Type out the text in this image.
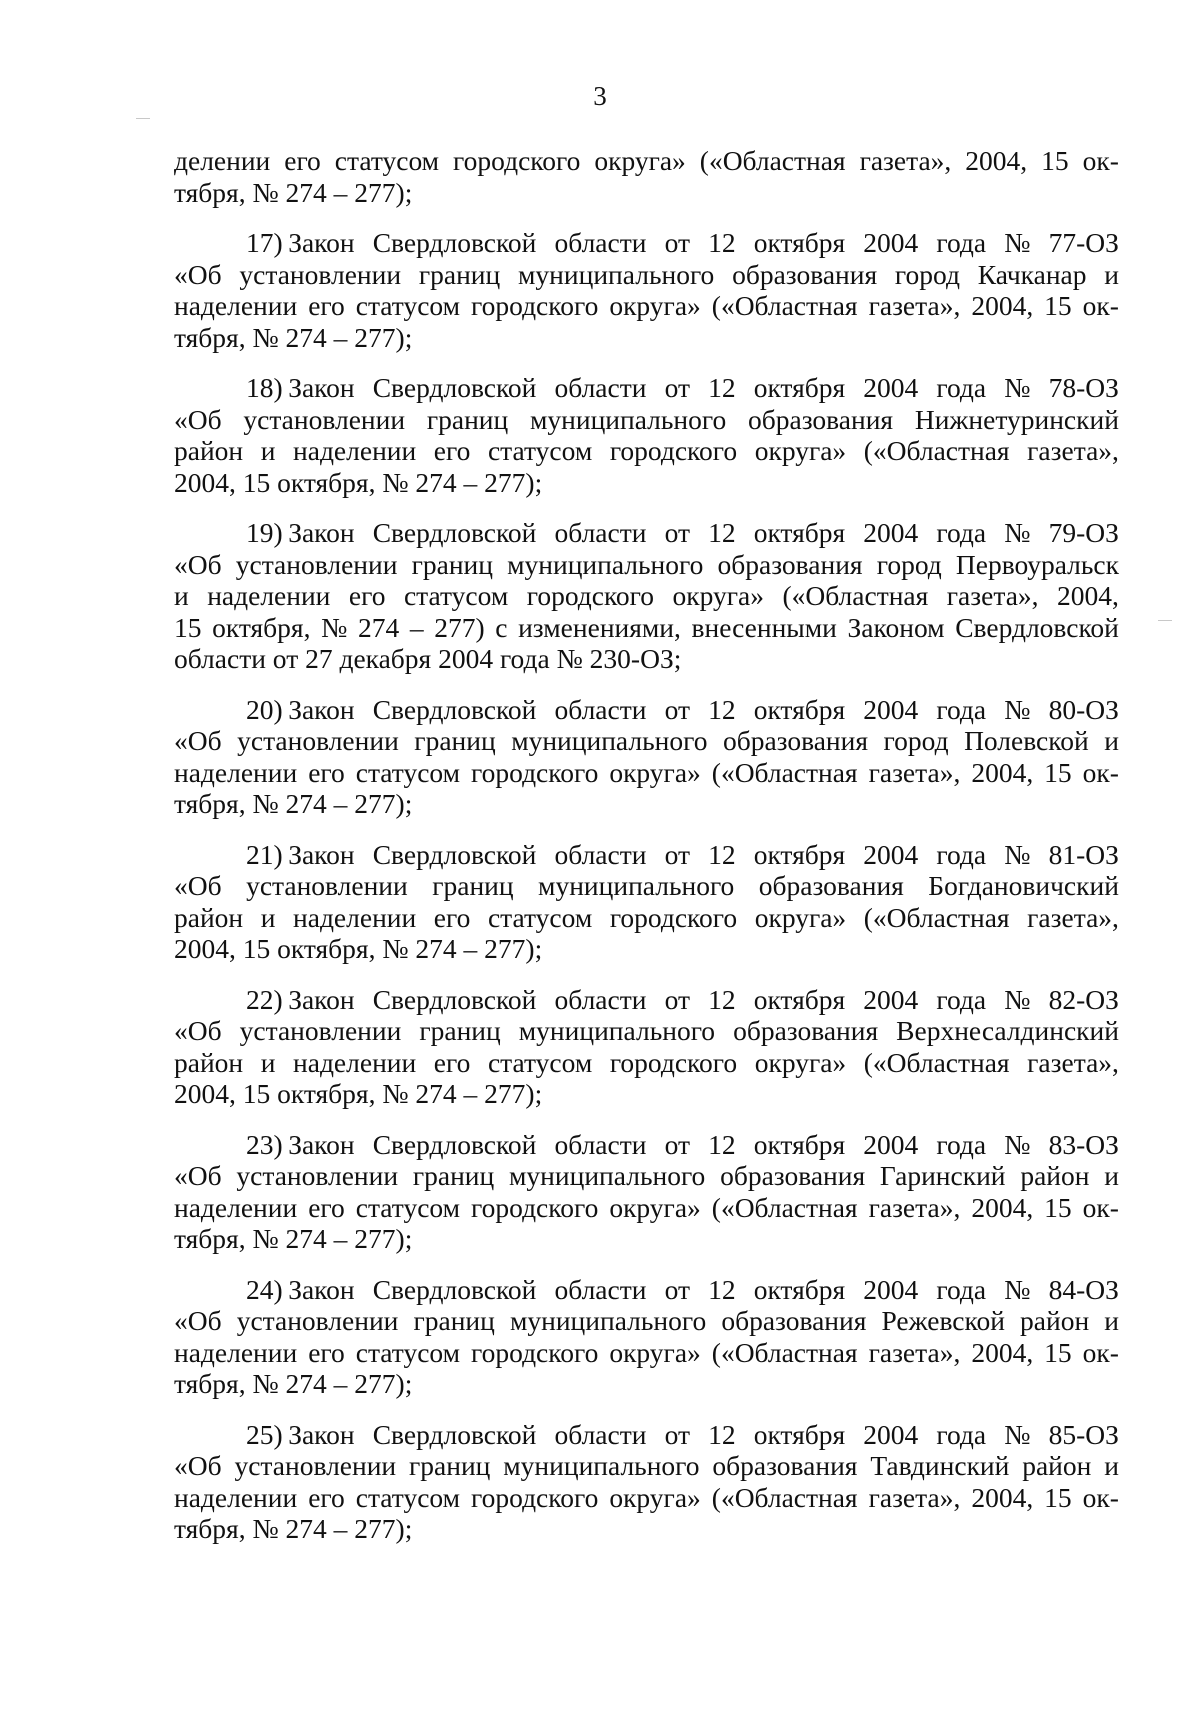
3

делении его статусом городского округа» («Областная газета», 2004, 15 ок-
тября, № 274 – 277);

17)  Закон Свердловской области от 12 октября 2004 года № 77-ОЗ
«Об установлении границ муниципального образования город Качканар и
наделении его статусом городского округа» («Областная газета», 2004, 15 ок-
тября, № 274 – 277);

18)  Закон Свердловской области от 12 октября 2004 года № 78-ОЗ
«Об установлении границ муниципального образования Нижнетуринский
район и наделении его статусом городского округа» («Областная газета»,
2004, 15 октября, № 274 – 277);

19)  Закон Свердловской области от 12 октября 2004 года № 79-ОЗ
«Об установлении границ муниципального образования город Первоуральск
и наделении его статусом городского округа» («Областная газета», 2004,
15 октября, № 274 – 277) с изменениями, внесенными Законом Свердловской
области от 27 декабря 2004 года № 230-ОЗ;

20)  Закон Свердловской области от 12 октября 2004 года № 80-ОЗ
«Об установлении границ муниципального образования город Полевской и
наделении его статусом городского округа» («Областная газета», 2004, 15 ок-
тября, № 274 – 277);

21)  Закон Свердловской области от 12 октября 2004 года № 81-ОЗ
«Об установлении границ муниципального образования Богдановичский
район и наделении его статусом городского округа» («Областная газета»,
2004, 15 октября, № 274 – 277);

22)  Закон Свердловской области от 12 октября 2004 года № 82-ОЗ
«Об установлении границ муниципального образования Верхнесалдинский
район и наделении его статусом городского округа» («Областная газета»,
2004, 15 октября, № 274 – 277);

23)  Закон Свердловской области от 12 октября 2004 года № 83-ОЗ
«Об установлении границ муниципального образования Гаринский район и
наделении его статусом городского округа» («Областная газета», 2004, 15 ок-
тября, № 274 – 277);

24)  Закон Свердловской области от 12 октября 2004 года № 84-ОЗ
«Об установлении границ муниципального образования Режевской район и
наделении его статусом городского округа» («Областная газета», 2004, 15 ок-
тября, № 274 – 277);

25)  Закон Свердловской области от 12 октября 2004 года № 85-ОЗ
«Об установлении границ муниципального образования Тавдинский район и
наделении его статусом городского округа» («Областная газета», 2004, 15 ок-
тября, № 274 – 277);
